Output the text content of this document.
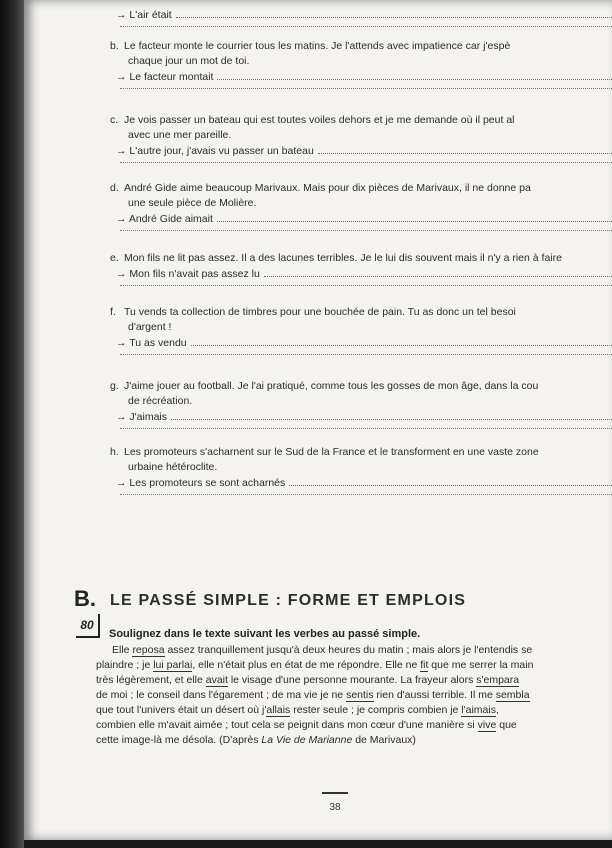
→ L'air était
b. Le facteur monte le courrier tous les matins. Je l'attends avec impatience car j'espè
chaque jour un mot de toi.
→ Le facteur montait
c. Je vois passer un bateau qui est toutes voiles dehors et je me demande où il peut al
avec une mer pareille.
→ L'autre jour, j'avais vu passer un bateau
d. André Gide aime beaucoup Marivaux. Mais pour dix pièces de Marivaux, il ne donne pa
une seule pièce de Molière.
→ André Gide aimait
e. Mon fils ne lit pas assez. Il a des lacunes terribles. Je le lui dis souvent mais il n'y a rien à faire
→ Mon fils n'avait pas assez lu
f. Tu vends ta collection de timbres pour une bouchée de pain. Tu as donc un tel besoi
d'argent !
→ Tu as vendu
g. J'aime jouer au football. Je l'ai pratiqué, comme tous les gosses de mon âge, dans la cou
de récréation.
→ J'aimais
h. Les promoteurs s'acharnent sur le Sud de la France et le transforment en une vaste zone
urbaine hétéroclite.
→ Les promoteurs se sont acharnés
B. LE PASSÉ SIMPLE : FORME ET EMPLOIS
80
Soulignez dans le texte suivant les verbes au passé simple.
Elle reposa assez tranquillement jusqu'à deux heures du matin ; mais alors je l'entendis se
plaindre ; je lui parlai, elle n'était plus en état de me répondre. Elle ne fit que me serrer la main
très légèrement, et elle avait le visage d'une personne mourante. La frayeur alors s'empara
de moi ; le conseil dans l'égarement ; de ma vie je ne sentis rien d'aussi terrible. Il me sembla
que tout l'univers était un désert où j'allais rester seule ; je compris combien je l'aimais,
combien elle m'avait aimée ; tout cela se peignit dans mon cœur d'une manière si vive que
cette image-là me désola. (D'après La Vie de Marianne de Marivaux)
38
